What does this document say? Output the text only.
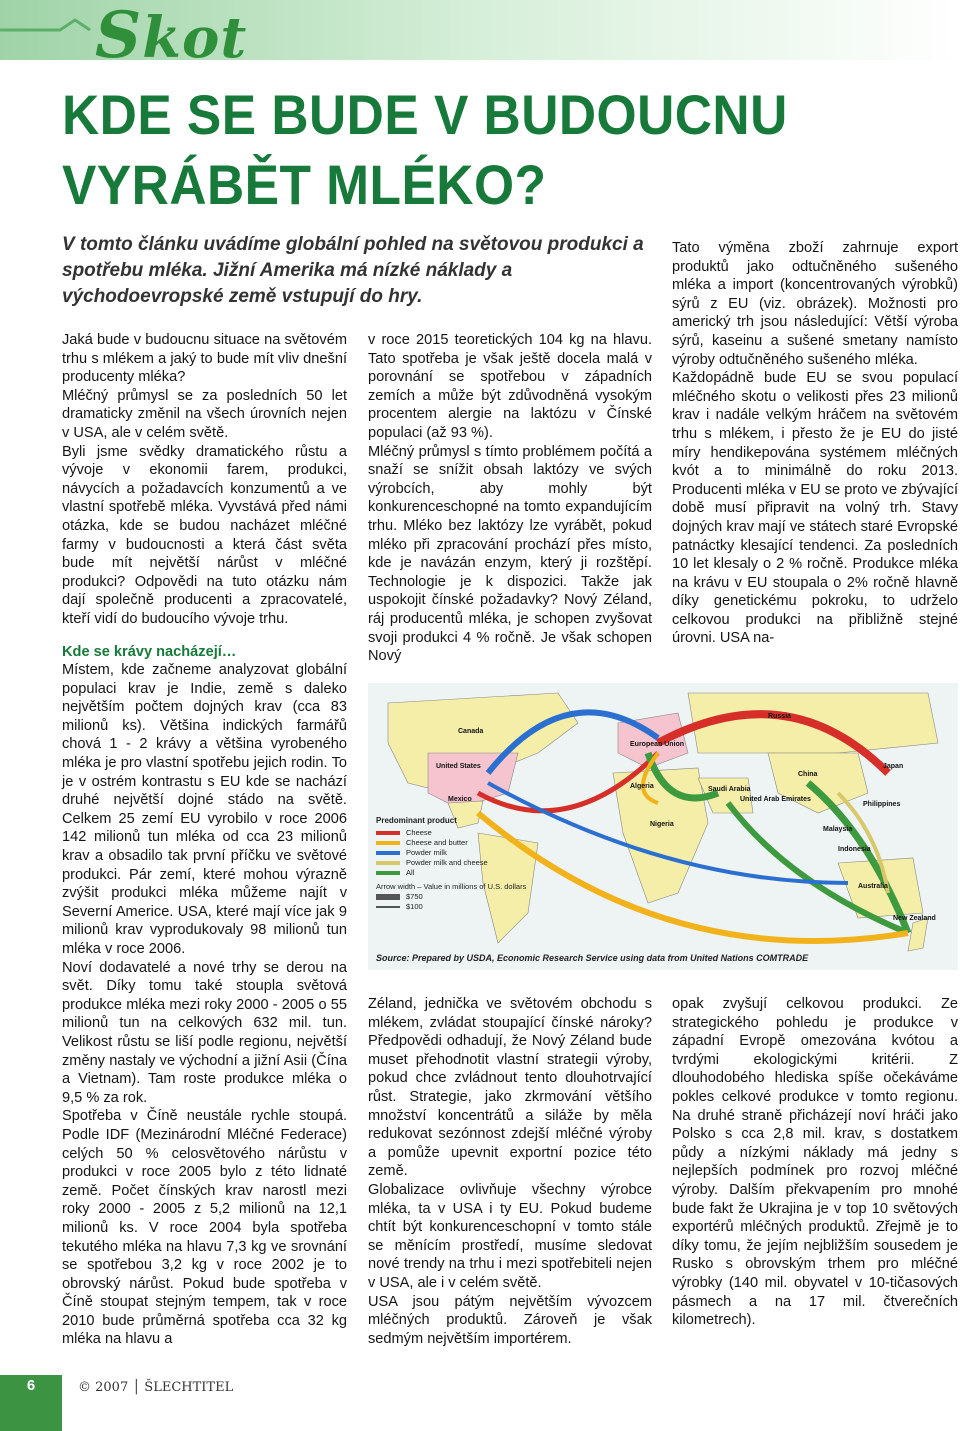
Skot
KDE SE BUDE V BUDOUCNU VYRÁBĚT MLÉKO?
V tomto článku uvádíme globální pohled na světovou produkci a spotřebu mléka. Jižní Amerika má nízké náklady a východoevropské země vstupují do hry.

Jaká bude v budoucnu situace na světovém trhu s mlékem a jaký to bude mít vliv dnešní producenty mléka?

Mléčný průmysl se za posledních 50 let dramaticky změnil na všech úrovních nejen v USA, ale v celém světě.

Byli jsme svědky dramatického růstu a vývoje v ekonomii farem, produkci, návycích a požadavcích konzumentů a ve vlastní spotřebě mléka. Vyvstává před námi otázka, kde se budou nacházet mléčné farmy v budoucnosti a která část světa bude mít největší nárůst v mléčné produkci? Odpovědi na tuto otázku nám dají společně producenti a zpracovatelé, kteří vidí do budoucího vývoje trhu.

Kde se krávy nacházejí…

Místem, kde začneme analyzovat globální populaci krav je Indie, země s daleko největším počtem dojných krav (cca 83 milionů ks). Většina indických farmářů chová 1 - 2 krávy a většina vyrobeného mléka je pro vlastní spotřebu jejich rodin. To je v ostrém kontrastu s EU kde se nachází druhé největší dojné stádo na světě. Celkem 25 zemí EU vyrobilo v roce 2006 142 milionů tun mléka od cca 23 milionů krav a obsadilo tak první příčku ve světové produkci. Pár zemí, které mohou výrazně zvýšit produkci mléka můžeme najít v Severní Americe. USA, které mají více jak 9 milionů krav vyprodukovaly 98 milionů tun mléka v roce 2006.

Noví dodavatelé a nové trhy se derou na svět. Díky tomu také stoupla světová produkce mléka mezi roky 2000 - 2005 o 55 milionů tun na celkových 632 mil. tun. Velikost růstu se liší podle regionu, největší změny nastaly ve východní a jižní Asii (Čína a Vietnam). Tam roste produkce mléka o 9,5 % za rok.

Spotřeba v Číně neustále rychle stoupá. Podle IDF (Mezinárodní Mléčné Federace) celých 50 % celosvětového nárůstu v produkci v roce 2005 bylo z této lidnaté země. Počet čínských krav narostl mezi roky 2000 - 2005 z 5,2 milionů na 12,1 milionů ks. V roce 2004 byla spotřeba tekutého mléka na hlavu 7,3 kg ve srovnání se spotřebou 3,2 kg v roce 2002 je to obrovský nárůst. Pokud bude spotřeba v Číně stoupat stejným tempem, tak v roce 2010 bude průměrná spotřeba cca 32 kg mléka na hlavu a

v roce 2015 teoretických 104 kg na hlavu. Tato spotřeba je však ještě docela malá v porovnání se spotřebou v západních zemích a může být zdůvodněná vysokým procentem alergie na laktózu v Čínské populaci (až 93 %).

Mléčný průmysl s tímto problémem počítá a snaží se snížit obsah laktózy ve svých výrobcích, aby mohly být konkurenceschopné na tomto expandujícím trhu. Mléko bez laktózy lze vyrábět, pokud mléko při zpracování prochází přes místo, kde je navázán enzym, který ji rozštěpí. Technologie je k dispozici. Takže jak uspokojit čínské požadavky? Nový Zéland, ráj producentů mléka, je schopen zvyšovat svoji produkci 4 % ročně. Je však schopen Nový

Tato výměna zboží zahrnuje export produktů jako odtučněného sušeného mléka a import (koncentrovaných výrobků) sýrů z EU (viz. obrázek). Možnosti pro americký trh jsou následující: Větší výroba sýrů, kaseinu a sušené smetany namísto výroby odtučněného sušeného mléka.

Každopádně bude EU se svou populací mléčného skotu o velikosti přes 23 milionů krav i nadále velkým hráčem na světovém trhu s mlékem, i přesto že je EU do jisté míry hendikepována systémem mléčných kvót a to minimálně do roku 2013. Producenti mléka v EU se proto ve zbývající době musí připravit na volný trh. Stavy dojných krav mají ve státech staré Evropské patnáctky klesající tendenci. Za posledních 10 let klesaly o 2 % ročně. Produkce mléka na krávu v EU stoupala o 2% ročně hlavně díky genetickému pokroku, to udrželo celkovou produkci na přibližně stejné úrovni. USA na-

Canada
United States
Mexico
European Union
Russia
Algeria
Nigeria
Saudi Arabia
United Arab Emirates
China
Japan
Philippines
Malaysia
Indonesia
Australia
New Zealand
Predominant product
Cheese
Cheese and butter
Powder milk
Powder milk and cheese
All
Arrow width – Value in millions of U.S. dollars
$750
$100
Source: Prepared by USDA, Economic Research Service using data from United Nations COMTRADE

Zéland, jednička ve světovém obchodu s mlékem, zvládat stoupající čínské nároky? Předpovědi odhadují, že Nový Zéland bude muset přehodnotit vlastní strategii výroby, pokud chce zvládnout tento dlouhotrvající růst. Strategie, jako zkrmování většího množství koncentrátů a siláže by měla redukovat sezónnost zdejší mléčné výroby a pomůže upevnit exportní pozice této země.

Globalizace ovlivňuje všechny výrobce mléka, ta v USA i ty EU. Pokud budeme chtít být konkurenceschopní v tomto stále se měnícím prostředí, musíme sledovat nové trendy na trhu i mezi spotřebiteli nejen v USA, ale i v celém světě.

USA jsou pátým největším vývozcem mléčných produktů. Zároveň je však sedmým největším importérem.

opak zvyšují celkovou produkci. Ze strategického pohledu je produkce v západní Evropě omezována kvótou a tvrdými ekologickými kritérii. Z dlouhodobého hlediska spíše očekáváme pokles celkové produkce v tomto regionu. Na druhé straně přicházejí noví hráči jako Polsko s cca 2,8 mil. krav, s dostatkem půdy a nízkými náklady má jedny s nejlepších podmínek pro rozvoj mléčné výroby. Dalším překvapením pro mnohé bude fakt že Ukrajina je v top 10 světových exportérů mléčných produktů. Zřejmě je to díky tomu, že jejím nejbližším sousedem je Rusko s obrovským trhem pro mléčné výrobky (140 mil. obyvatel v 10-tičasových pásmech a na 17 mil. čtverečních kilometrech).

6	© 2007 │ ŠLECHTITEL
